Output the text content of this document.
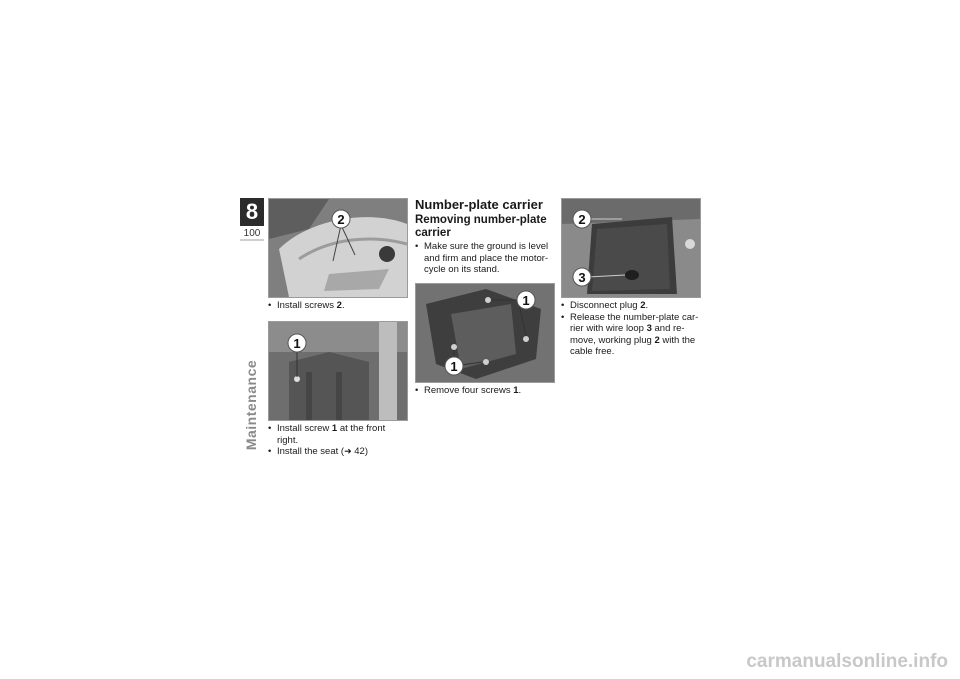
8
100
Maintenance
2
• Install screws 2.
1
• Install screw 1 at the front right.
• Install the seat (➜ 42)
Number-plate carrier
Removing number-plate carrier
• Make sure the ground is level and firm and place the motor-cycle on its stand.
1
1
• Remove four screws 1.
2
3
• Disconnect plug 2.
• Release the number-plate car-rier with wire loop 3 and re-move, working plug 2 with the cable free.
carmanualsonline.info
